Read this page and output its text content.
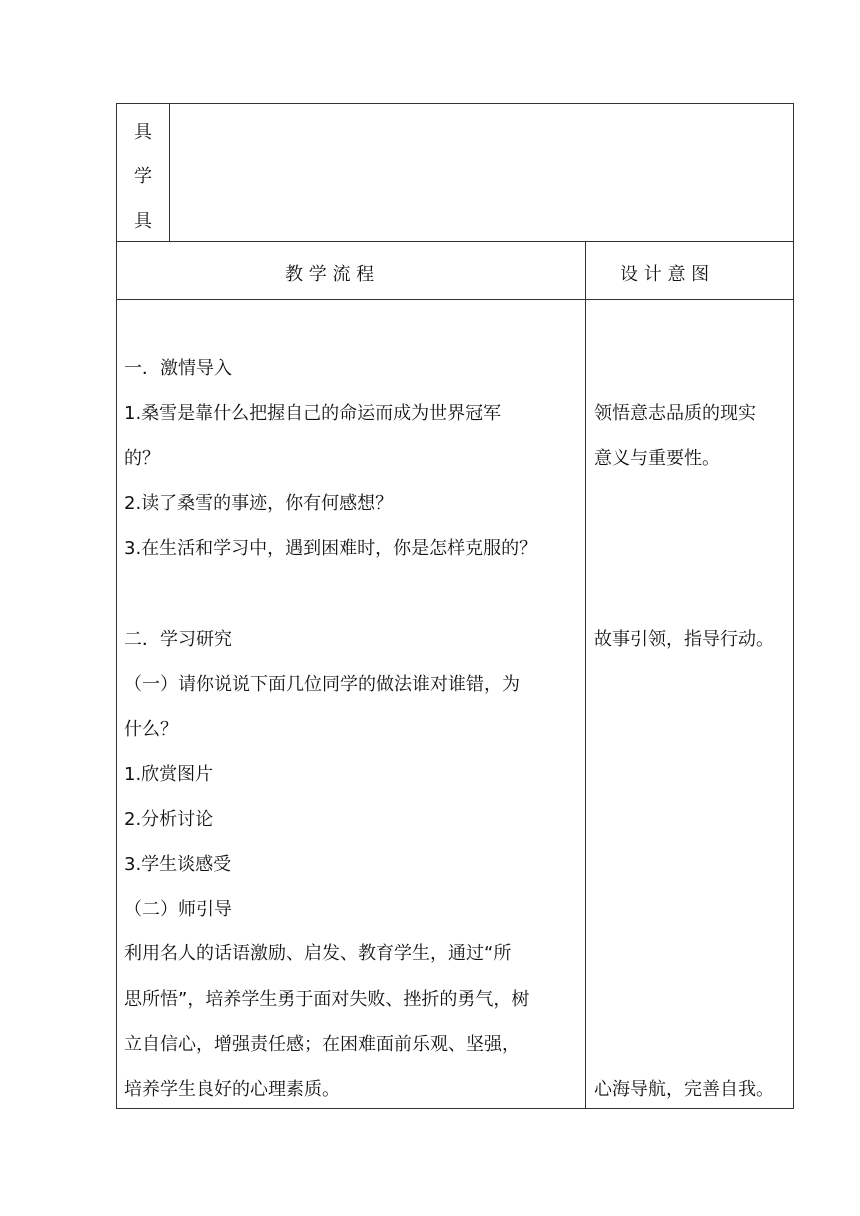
具
学
具
教 学 流 程	设 计 意 图
一．激情导入
1.桑雪是靠什么把握自己的命运而成为世界冠军
的？
2.读了桑雪的事迹，你有何感想？
3.在生活和学习中，遇到困难时，你是怎样克服的？
二．学习研究
（一）请你说说下面几位同学的做法谁对谁错，为
什么？
1.欣赏图片
2.分析讨论
3.学生谈感受
（二）师引导
利用名人的话语激励、启发、教育学生，通过“所
思所悟”，培养学生勇于面对失败、挫折的勇气，树
立自信心，增强责任感；在困难面前乐观、坚强，
培养学生良好的心理素质。
领悟意志品质的现实
意义与重要性。
故事引领，指导行动。
心海导航，完善自我。
